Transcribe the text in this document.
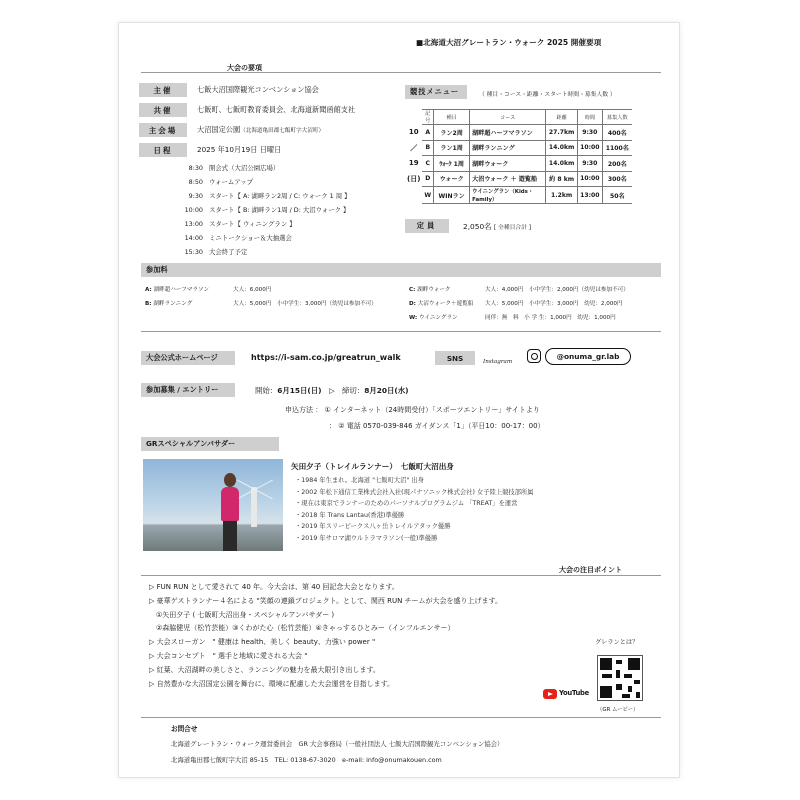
■北海道大沼グレートラン・ウォーク 2025 開催要項
大会の要項
主催	七飯大沼国際観光コンベンション協会
共催	七飯町、七飯町教育委員会、北海道新聞函館支社
主会場	大沼国定公園（北海道亀田郡七飯町字大沼町）
日程	2025 年10月19日 日曜日
8:30 開会式（大沼公園広場）
8:50 ウォームアップ
9:30 スタート【 A: 湖畔ラン2周 / C: ウォーク 1 周 】
10:00 スタート【 B: 湖畔ラン1周 / D: 大沼ウォーク 】
13:00 スタート【 ウィニングラン 】
14:00 ミニトークショー＆大抽選会
15:30 大会終了予定
競技メニュー	（ 種目・コース・距離・スタート時間・募集人数 ）
	記号	種目	コース	距離	時間	募集人数
10	A	ラン2周	湖畔超ハーフマラソン	27.7km	9:30	400名
／	B	ラン1周	湖畔ランニング	14.0km	10:00	1100名
19	C	ｳｫｰｸ 1周	湖畔ウォーク	14.0km	9:30	200名
(日)	D	ウォーク	大沼ウォーク ＋ 遊覧船	約 8 km	10:00	300名
	W	WINラン	ウイニングラン（Kids・Family）	1.2km	13:00	50名
定員	2,050名 [ 全種目合計 ]
参加料
A: 湖畔超ハーフマラソン	大人：6,000円
B: 湖畔ランニング	大人：5,000円　小中学生：3,000円（幼児は参加不可）
C: 湖畔ウォーク	大人：4,000円　小中学生：2,000円（幼児は参加不可）
D: 大沼ウォーク＋遊覧船 大人：5,000円　小中学生：3,000円　幼児：2,000円
W: ウイニングラン	同伴：無　料　小 学 生：1,000円　幼児：1,000円
大会公式ホームページ	https://i-sam.co.jp/greatrun_walk	SNS	Instagram
@onuma_gr.lab
参加募集 / エントリー	開始：6月15日(日)　▷　締切：8月20日(水)
申込方法 ： ① インターネット（24時間受付）「スポーツエントリー」サイトより
： ② 電話 0570-039-846 ガイダンス「1」（平日10：00-17：00）
GRスペシャルアンバサダー
矢田夕子（トレイルランナー）　七飯町大沼出身
・1984 年生まれ。北海道 "七飯町大沼" 出身
・2002 年松下通信工業株式会社入社(現パナソニック株式会社) 女子陸上競技部所属
・現在は東京でランナーのためのパーソナルプログラムジム 「TREAT」を運営
・2018 年 Trans Lantau(香港)準優勝
・2019 年スリーピークス八ヶ岳トレイルアタック優勝
・2019 年サロマ湖ウルトラマラソン(一般)準優勝
大会の注目ポイント
▷ FUN RUN として愛されて 40 年。今大会は、第 40 回記念大会となります。
▷ 豪華ゲストランナー４名による "笑顔の連鎖プロジェクト。として、関西 RUN チームが大会を盛り上げます。
　①矢田夕子 ( 七飯町大沼出身・スペシャルアンバサダー )
　②森脇健児（松竹芸能）③くわがた心（松竹芸能）④きゃっするひとみー（インフルエンサー）
▷ 大会スローガン　" 健康は health、美しく beauty、力強い power "
▷ 大会コンセプト　" 選手と地域に愛される大会 "
▷ 紅葉、大沼湖畔の美しさと、ランニングの魅力を最大限引き出します。
▷ 自然豊かな大沼国定公園を舞台に、環境に配慮した大会運営を目指します。
グレランとは？
YouTube
（GR ムービー）
お問合せ
北海道グレートラン・ウォーク運営委員会　GR 大会事務局（一般社団法人 七飯大沼国際観光コンベンション協会）
北海道亀田郡七飯町字大沼 85-15　TEL: 0138-67-3020　e-mail: info@onumakouen.com
